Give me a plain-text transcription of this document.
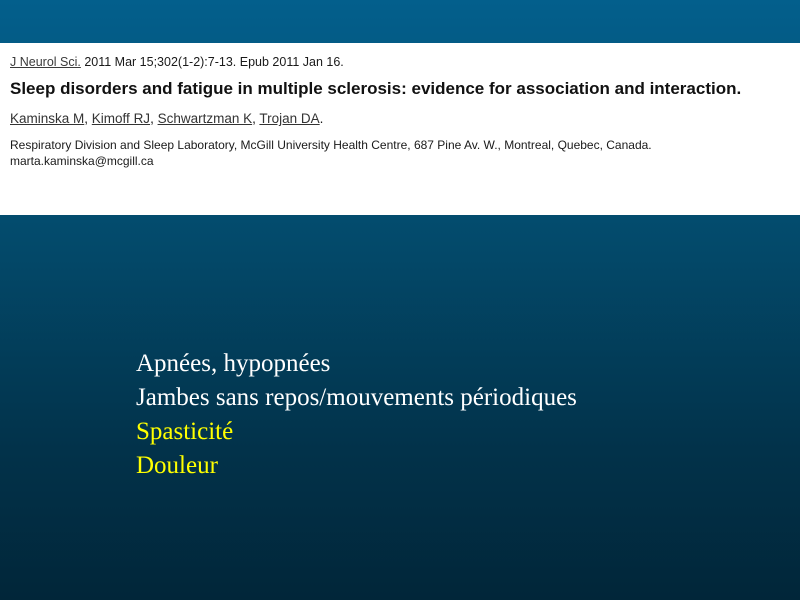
J Neurol Sci. 2011 Mar 15;302(1-2):7-13. Epub 2011 Jan 16.

Sleep disorders and fatigue in multiple sclerosis: evidence for association and interaction.

Kaminska M, Kimoff RJ, Schwartzman K, Trojan DA.

Respiratory Division and Sleep Laboratory, McGill University Health Centre, 687 Pine Av. W., Montreal, Quebec, Canada.
marta.kaminska@mcgill.ca

Apnées, hypopnées
Jambes sans repos/mouvements périodiques
Spasticité
Douleur
